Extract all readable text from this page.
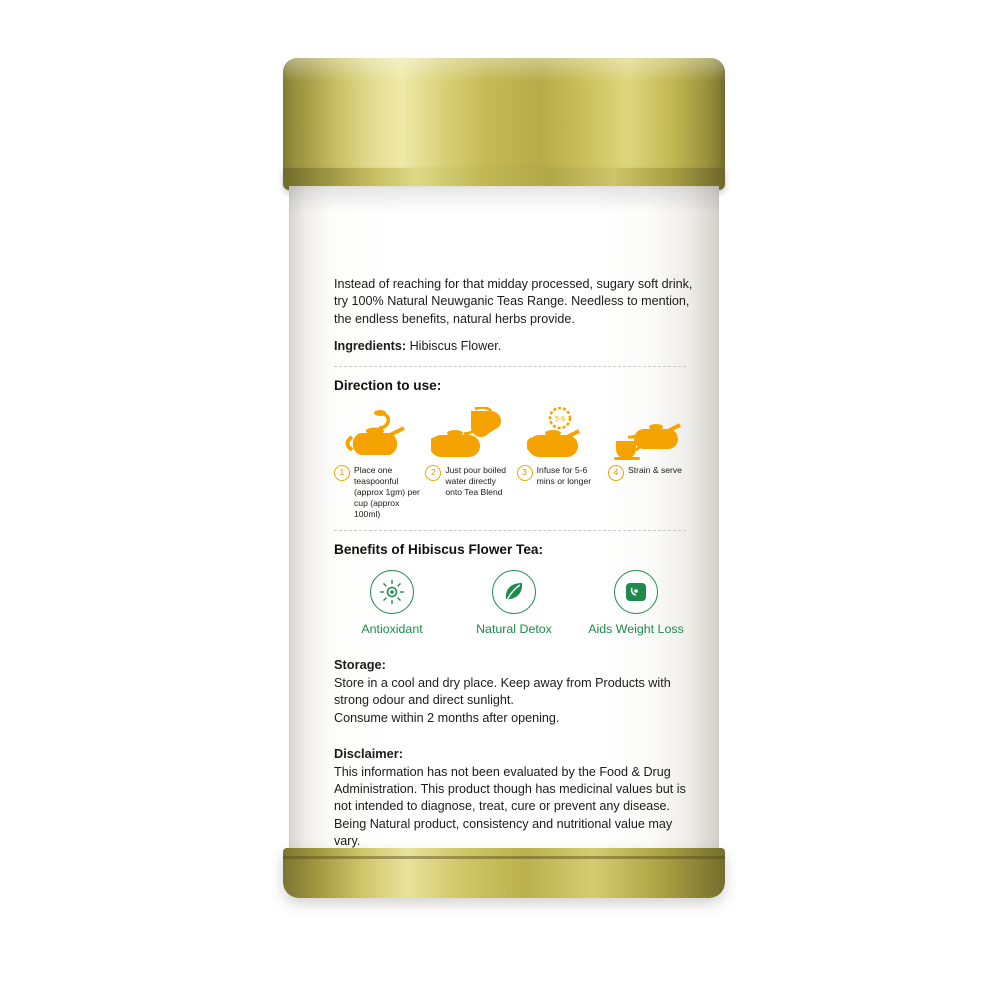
Instead of reaching for that midday processed, sugary soft drink, try 100% Natural Neuwganic Teas Range. Needless to mention, the endless benefits, natural herbs provide.

Ingredients: Hibiscus Flower.

Direction to use:
1	Place one teaspoonful (approx 1gm) per cup (approx 100ml)
2	Just pour boiled water directly onto Tea Blend
5-6
3	Infuse for 5-6 mins or longer
4	Strain & serve
Benefits of Hibiscus Flower Tea:
Antioxidant	Natural Detox	Aids Weight Loss
Storage:

Store in a cool and dry place. Keep away from Products with strong odour and direct sunlight.

Consume within 2 months after opening.

Disclaimer:

This information has not been evaluated by the Food & Drug Administration. This product though has medicinal values but is not intended to diagnose, treat, cure or prevent any disease.

Being Natural product, consistency and nutritional value may vary.
